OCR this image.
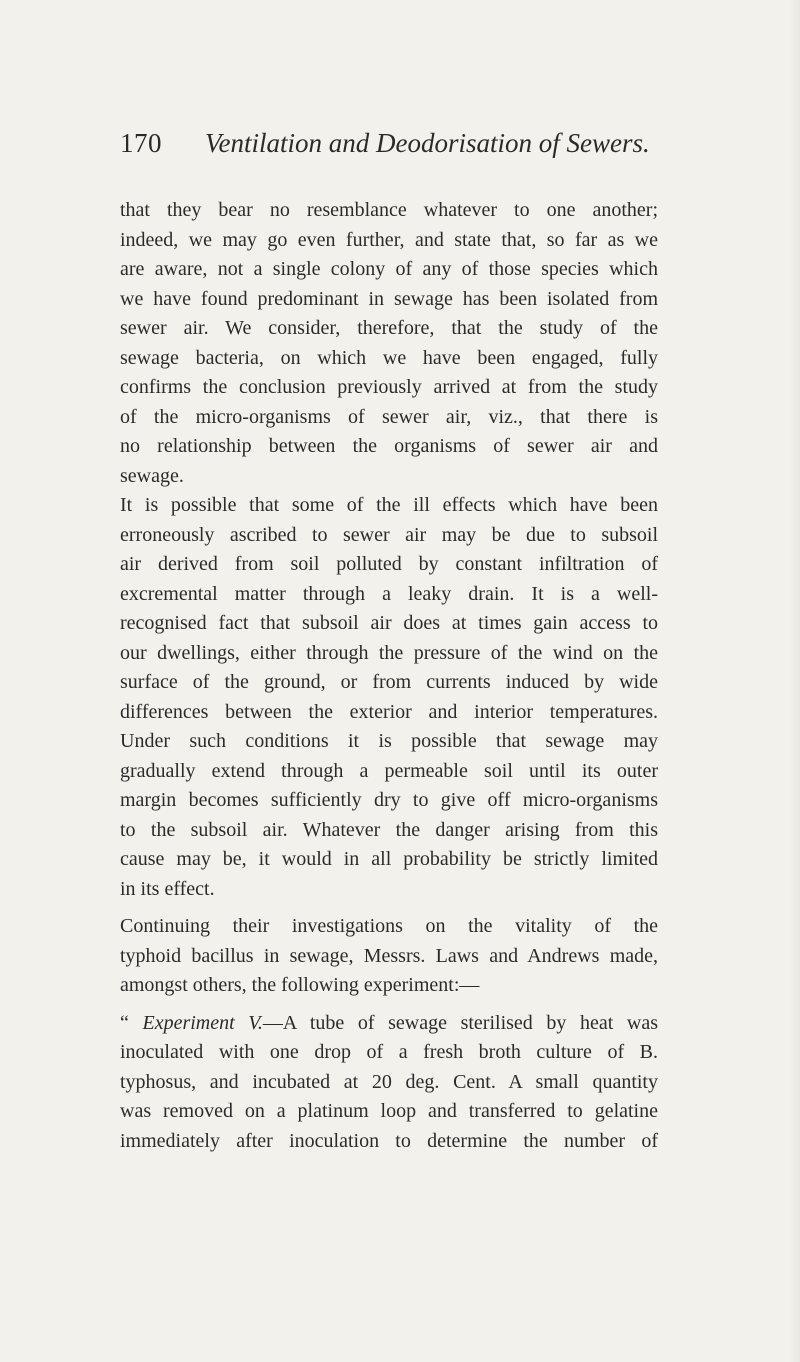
170 Ventilation and Deodorisation of Sewers.
that they bear no resemblance whatever to one another;
indeed, we may go even further, and state that, so far as we
are aware, not a single colony of any of those species which
we have found predominant in sewage has been isolated from
sewer air. We consider, therefore, that the study of the
sewage bacteria, on which we have been engaged, fully
confirms the conclusion previously arrived at from the study
of the micro-organisms of sewer air, viz., that there is
no relationship between the organisms of sewer air and
sewage.
It is possible that some of the ill effects which have been
erroneously ascribed to sewer air may be due to subsoil
air derived from soil polluted by constant infiltration of
excremental matter through a leaky drain. It is a well-
recognised fact that subsoil air does at times gain access to
our dwellings, either through the pressure of the wind on the
surface of the ground, or from currents induced by wide
differences between the exterior and interior temperatures.
Under such conditions it is possible that sewage may
gradually extend through a permeable soil until its outer
margin becomes sufficiently dry to give off micro-organisms
to the subsoil air. Whatever the danger arising from this
cause may be, it would in all probability be strictly limited
in its effect.
Continuing their investigations on the vitality of the
typhoid bacillus in sewage, Messrs. Laws and Andrews made,
amongst others, the following experiment:—
“ Experiment V.—A tube of sewage sterilised by heat was
inoculated with one drop of a fresh broth culture of B.
typhosus, and incubated at 20 deg. Cent. A small quantity
was removed on a platinum loop and transferred to gelatine
immediately after inoculation to determine the number of
